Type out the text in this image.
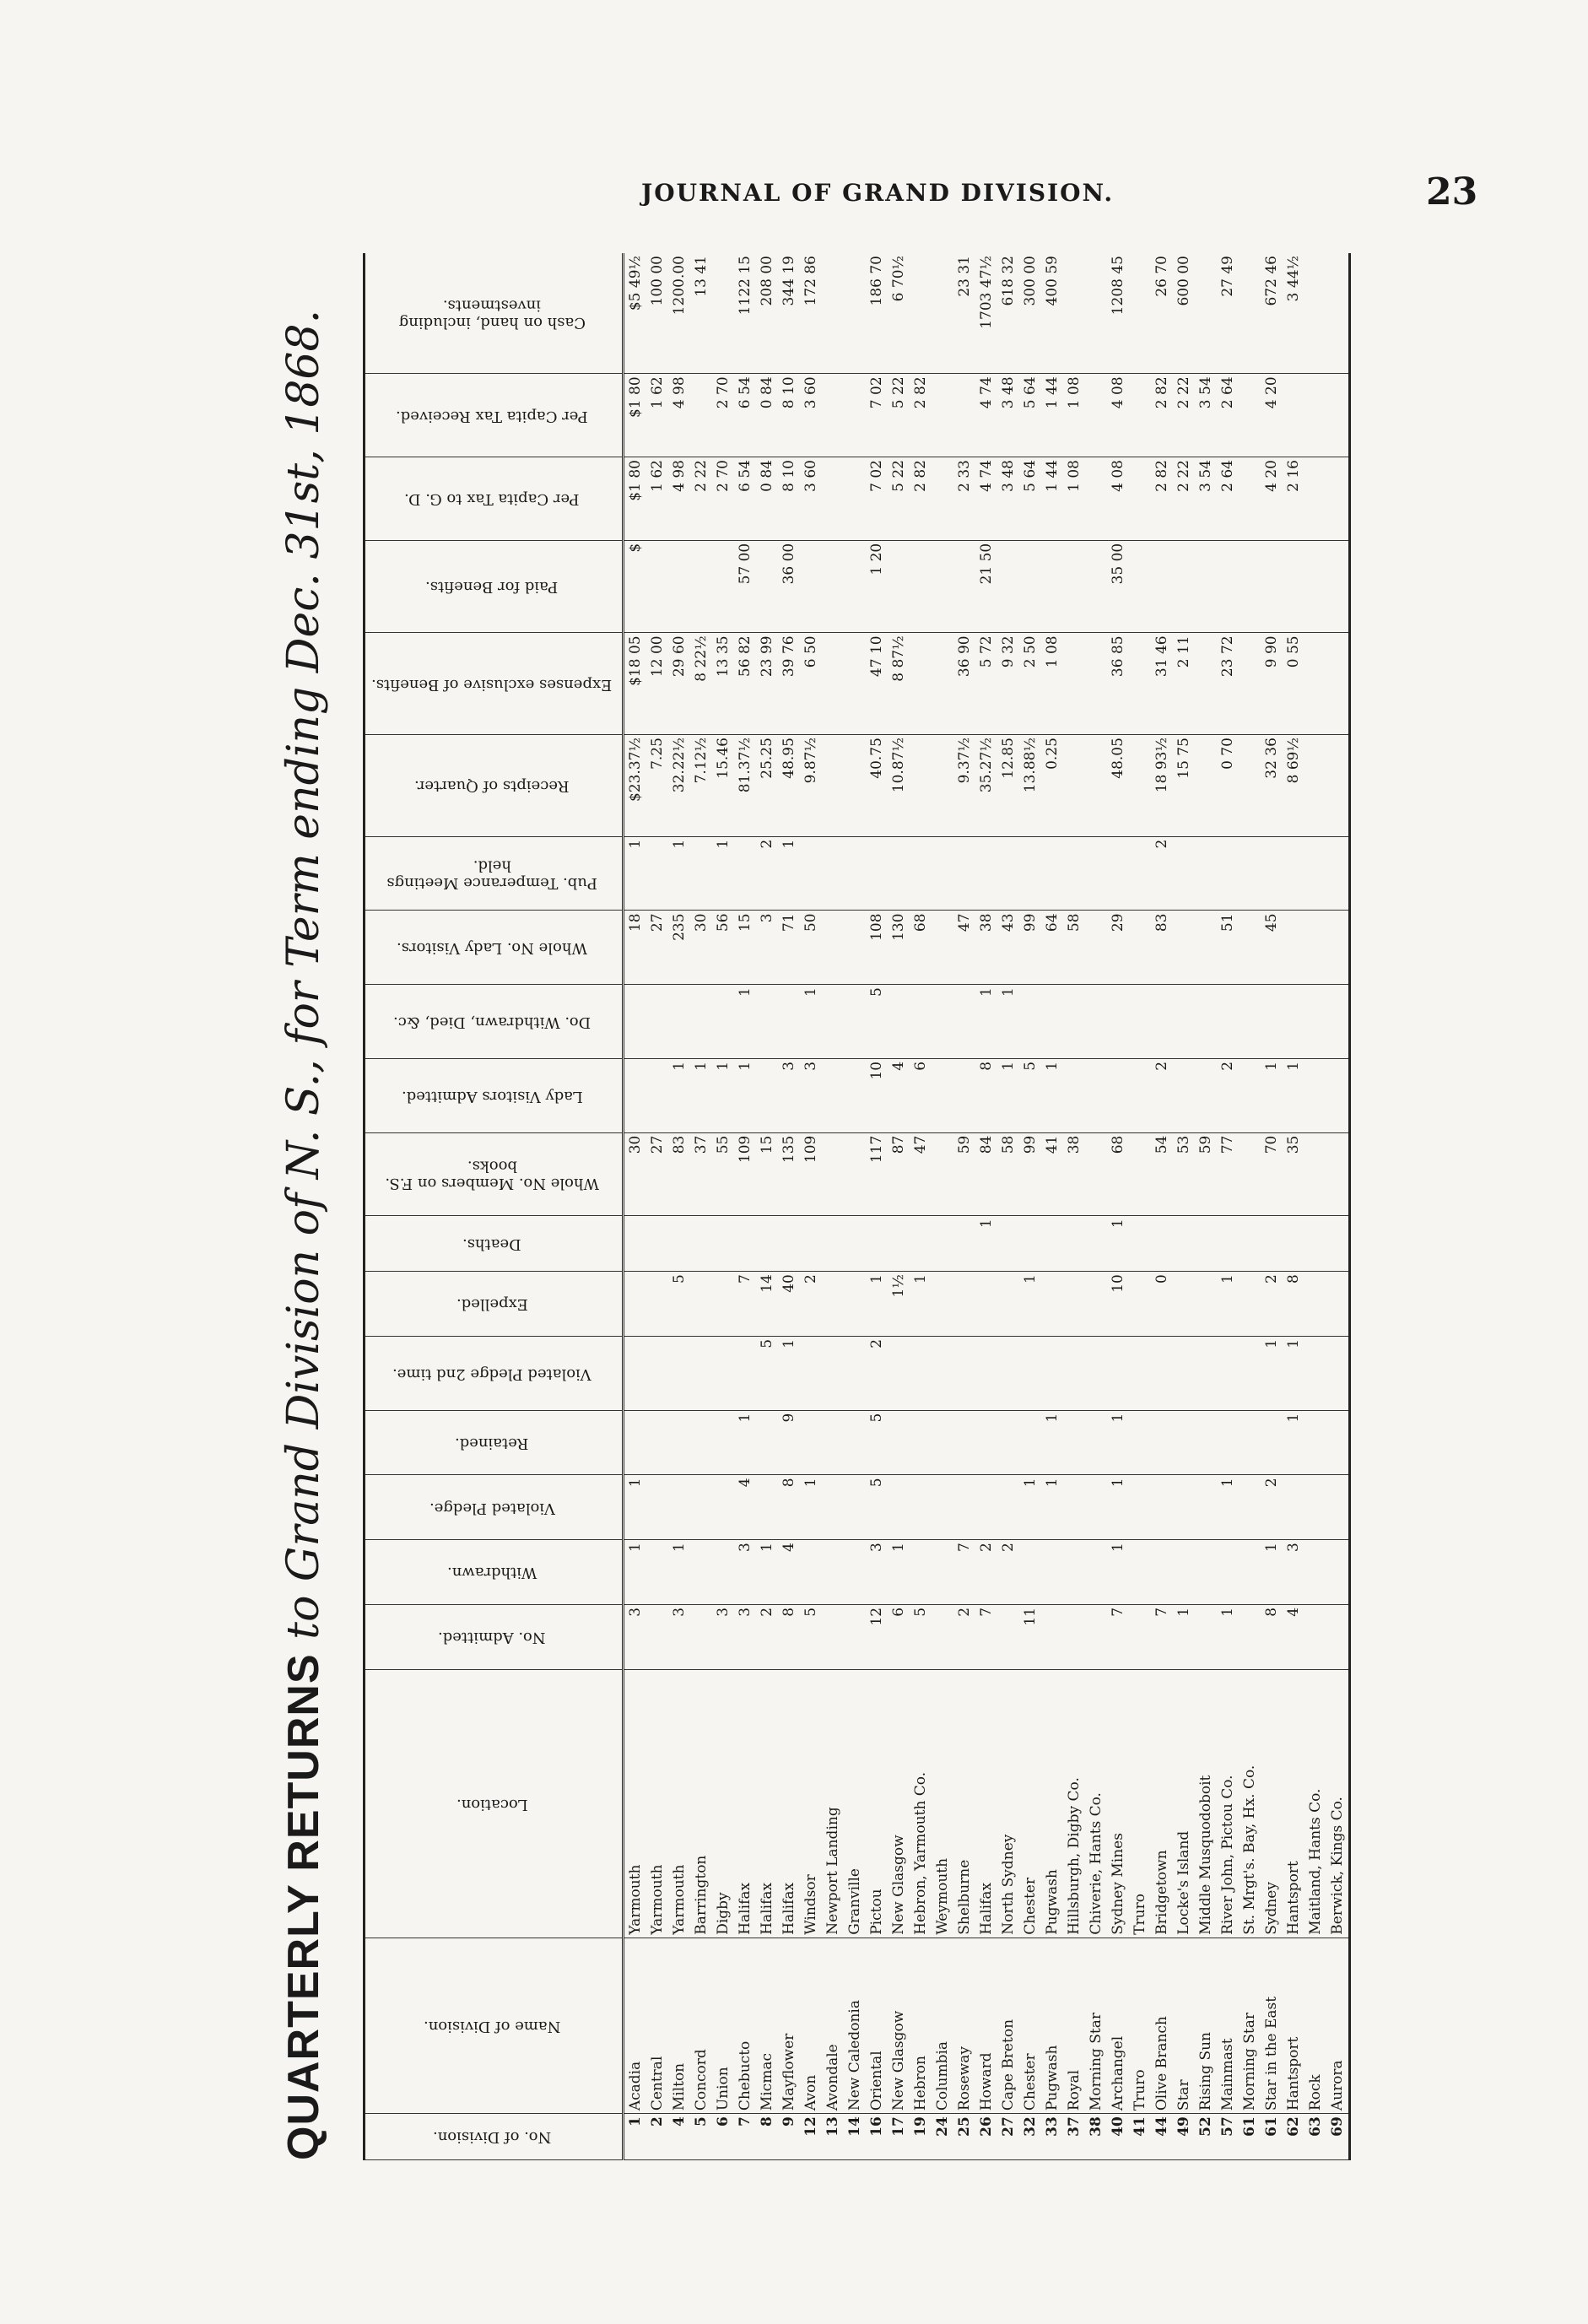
JOURNAL OF GRAND DIVISION.	23
QUARTERLY RETURNS to Grand Division of N. S., for Term ending Dec. 31st, 1868.
No. of Division.	Name of Division.	Location.	No. Admitted.	Withdrawn.	Violated Pledge.	Retained.	Violated Pledge 2nd time.	Expelled.	Deaths.	Whole No. Members on F.S. books.	Lady Visitors Admitted.	Do. Withdrawn, Died, &c.	Whole No. Lady Visitors.	Pub. Temperance Meetings held.	Receipts of Quarter.	Expenses exclusive of Benefits.	Paid for Benefits.	Per Capita Tax to G. D.	Per Capita Tax Received.	Cash on hand, including investments.
1	Acadia	Yarmouth	3	1	1					30			18	1	$23.37½	$18 05	$	$1 80	$1 80	$5 49½
2	Central	Yarmouth								27			27		7.25	12 00		1 62	1 62	100 00
4	Milton	Yarmouth	3	1				5		83	1		235	1	32.22½	29 60		4 98	4 98	1200.00
5	Concord	Barrington								37	1		30		7.12½	8 22½		2 22		13 41
6	Union	Digby	3							55	1		56	1	15.46	13 35		2 70	2 70	
7	Chebucto	Halifax	3	3	4	1		7		109	1	1	15		81.37½	56 82	57 00	6 54	6 54	1122 15
8	Micmac	Halifax	2	1			5	14		15			3	2	25.25	23 99		0 84	0 84	208 00
9	Mayflower	Halifax	8	4	8	9	1	40		135	3		71	1	48.95	39 76	36 00	8 10	8 10	344 19
12	Avon	Windsor	5		1			2		109	3	1	50		9.87½	6 50		3 60	3 60	172 86
13	Avondale	Newport Landing																		
14	New Caledonia	Granville																		
16	Oriental	Pictou	12	3	5	5	2	1		117	10	5	108		40.75	47 10	1 20	7 02	7 02	186 70
17	New Glasgow	New Glasgow	6	1				1½		87	4		130		10.87½	8 87½		5 22	5 22	6 70½
19	Hebron	Hebron, Yarmouth Co.	5					1		47	6		68					2 82	2 82	
24	Columbia	Weymouth																		
25	Roseway	Shelburne	2	7						59			47		9.37½	36 90		2 33		23 31
26	Howard	Halifax	7	2					1	84	8	1	38		35.27½	5 72	21 50	4 74	4 74	1703 47½
27	Cape Breton	North Sydney		2						58	1	1	43		12.85	9 32		3 48	3 48	618 32
32	Chester	Chester	11		1			1		99	5		99		13.88½	2 50		5 64	5 64	300 00
33	Pugwash	Pugwash			1	1				41	1		64		0.25	1 08		1 44	1 44	400 59
37	Royal	Hillsburgh, Digby Co.								38			58					1 08	1 08	
38	Morning Star	Chiverie, Hants Co.																		
40	Archangel	Sydney Mines	7	1	1	1		10	1	68			29		48.05	36 85	35 00	4 08	4 08	1208 45
41	Truro	Truro																		
44	Olive Branch	Bridgetown	7					0		54	2		83	2	18 93½	31 46		2 82	2 82	26 70
49	Star	Locke's Island	1							53					15 75	2 11		2 22	2 22	600 00
52	Rising Sun	Middle Musquodoboit								59								3 54	3 54	
57	Mainmast	River John, Pictou Co.	1		1			1		77	2		51		0 70	23 72		2 64	2 64	27 49
61	Morning Star	St. Mrgt's. Bay, Hx. Co.																		
61	Star in the East	Sydney	8	1	2		1	2		70	1		45		32 36	9 90		4 20	4 20	672 46
62	Hantsport	Hantsport	4	3		1	1	8		35	1				8 69½	0 55		2 16		3 44½
63	Rock	Maitland, Hants Co.																		
69	Aurora	Berwick, Kings Co.																		
